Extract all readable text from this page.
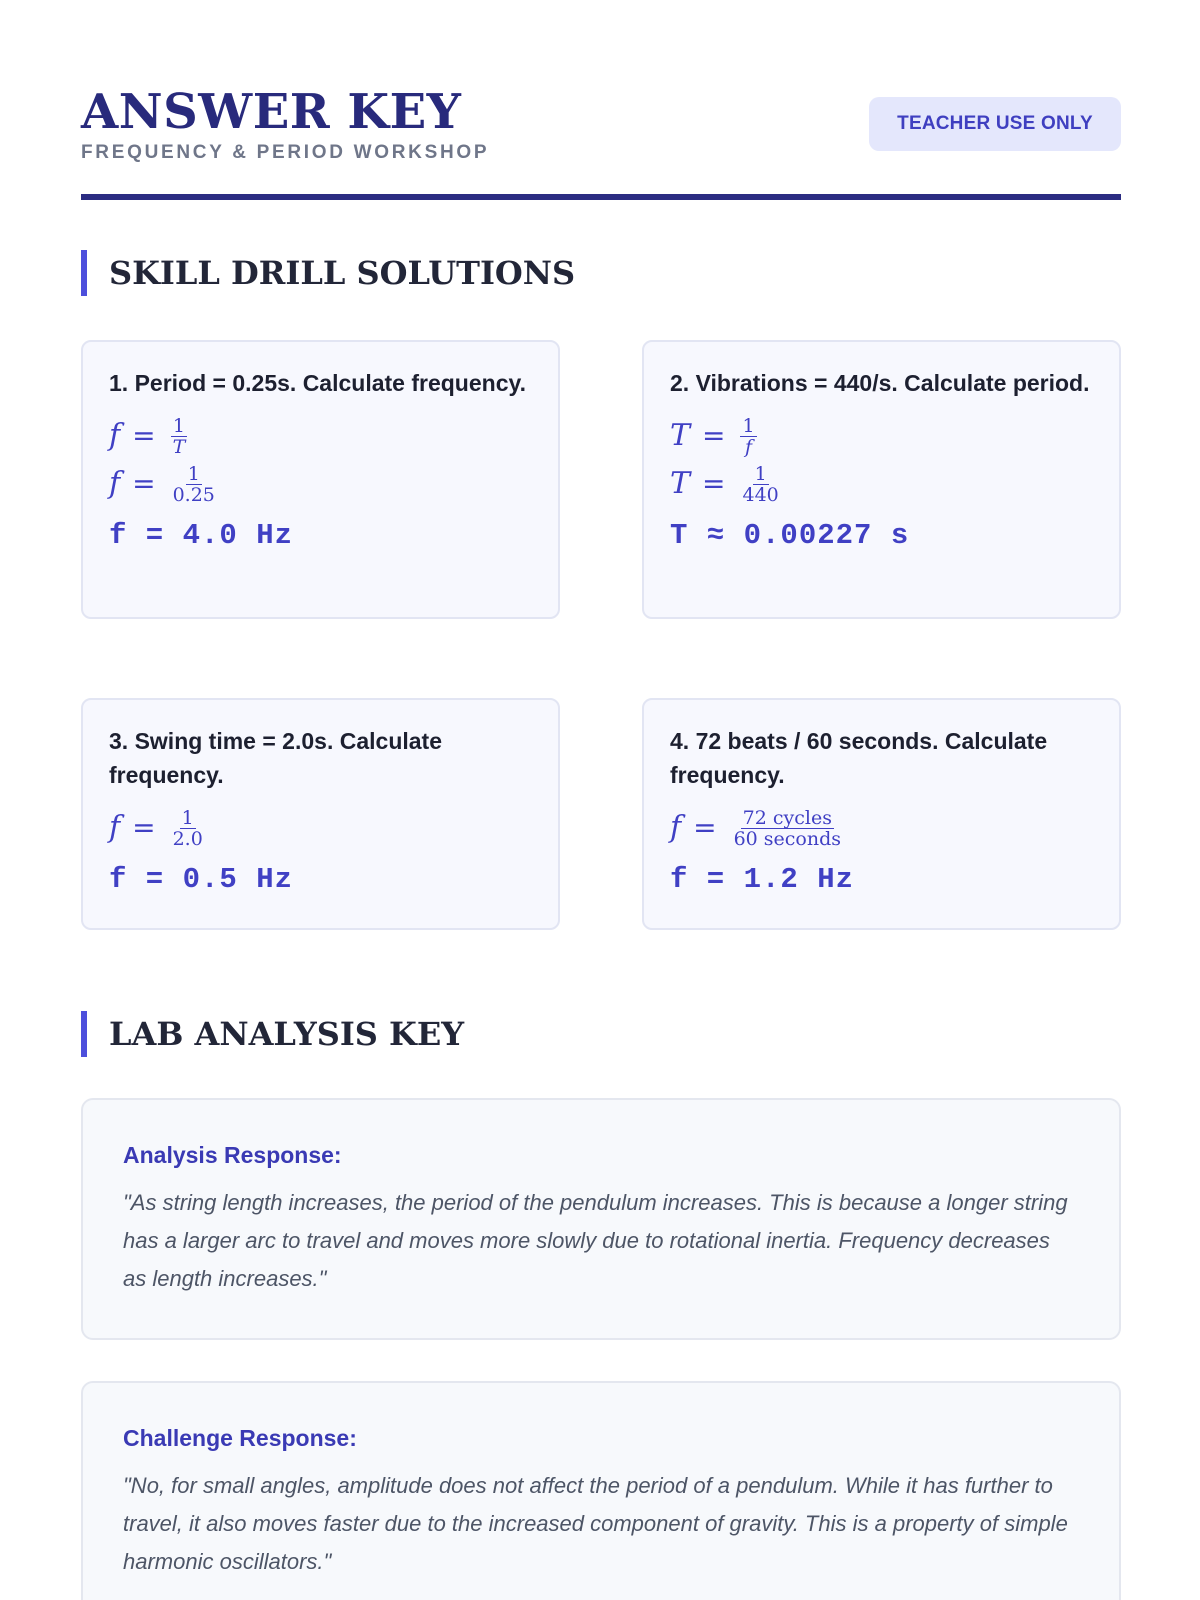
ANSWER KEY
FREQUENCY & PERIOD WORKSHOP
TEACHER USE ONLY
SKILL DRILL SOLUTIONS
1. Period = 0.25s. Calculate frequency.
$f = \frac{1}{T}$
$f = \frac{1}{0.25}$
f = 4.0 Hz
2. Vibrations = 440/s. Calculate period.
$T = \frac{1}{f}$
$T = \frac{1}{440}$
T ≈ 0.00227 s
3. Swing time = 2.0s. Calculate frequency.
$f = \frac{1}{2.0}$
f = 0.5 Hz
4. 72 beats / 60 seconds. Calculate frequency.
$f = \frac{\text{72 cycles}}{\text{60 seconds}}$
f = 1.2 Hz
LAB ANALYSIS KEY
Analysis Response:
"As string length increases, the period of the pendulum increases. This is because a longer string has a larger arc to travel and moves more slowly due to rotational inertia. Frequency decreases as length increases."
Challenge Response:
"No, for small angles, amplitude does not affect the period of a pendulum. While it has further to travel, it also moves faster due to the increased component of gravity. This is a property of simple harmonic oscillators."
